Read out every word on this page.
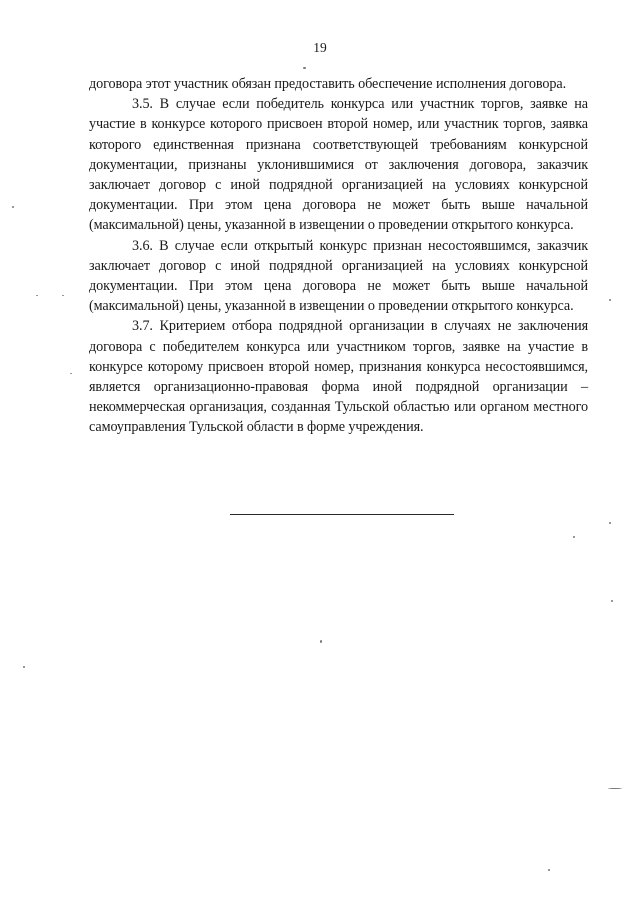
19

договора этот участник обязан предоставить обеспечение исполнения договора.

3.5. В случае если победитель конкурса или участник торгов, заявке на участие в конкурсе которого присвоен второй номер, или участник торгов, заявка которого единственная признана соответствующей требованиям конкурсной документации, признаны уклонившимися от заключения договора, заказчик заключает договор с иной подрядной организацией на условиях конкурсной документации. При этом цена договора не может быть выше начальной (максимальной) цены, указанной в извещении о проведении открытого конкурса.

3.6. В случае если открытый конкурс признан несостоявшимся, заказчик заключает договор с иной подрядной организацией на условиях конкурсной документации. При этом цена договора не может быть выше начальной (максимальной) цены, указанной в извещении о проведении открытого конкурса.

3.7. Критерием отбора подрядной организации в случаях не заключения договора с победителем конкурса или участником торгов, заявке на участие в конкурсе которому присвоен второй номер, признания конкурса несостоявшимся, является организационно-правовая форма иной подрядной организации – некоммерческая организация, созданная Тульской областью или органом местного самоуправления Тульской области в форме учреждения.
